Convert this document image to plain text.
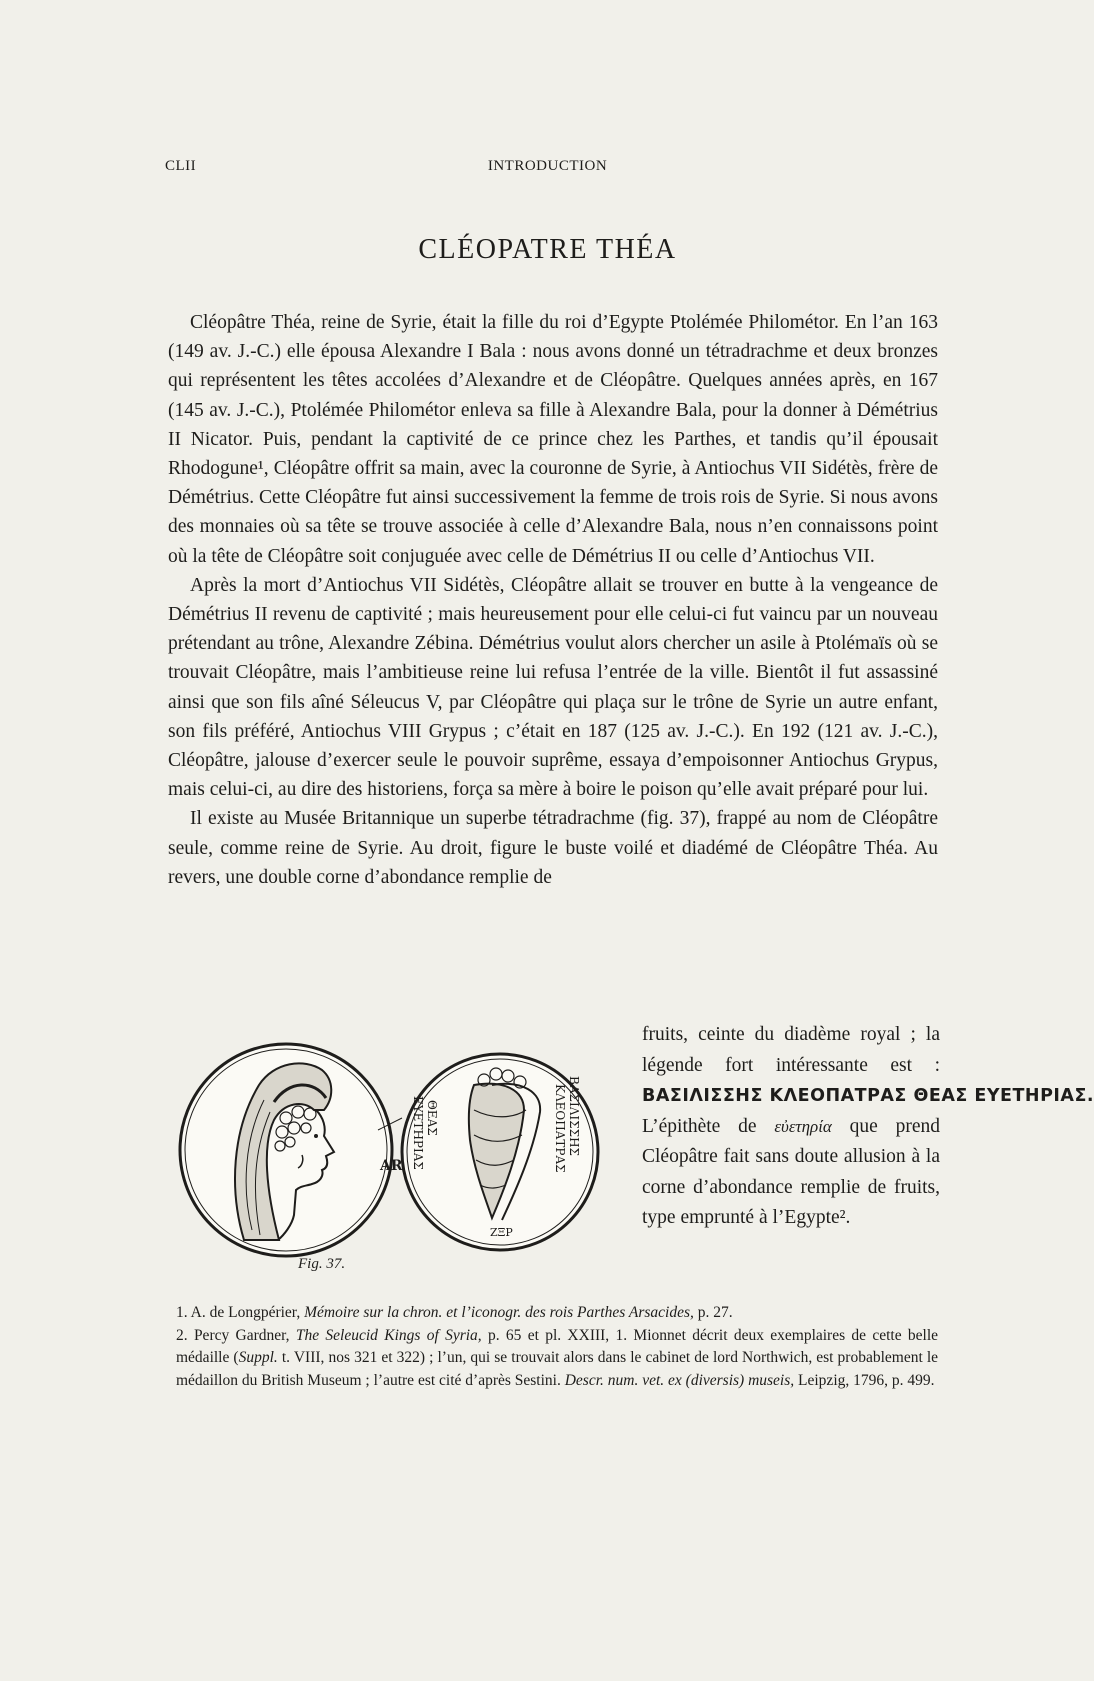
CLII	INTRODUCTION
CLÉOPATRE THÉA

Cléopâtre Théa, reine de Syrie, était la fille du roi d’Egypte Ptolémée Philométor. En l’an 163 (149 av. J.-C.) elle épousa Alexandre I Bala : nous avons donné un tétradrachme et deux bronzes qui représentent les têtes accolées d’Alexandre et de Cléopâtre. Quelques années après, en 167 (145 av. J.-C.), Ptolémée Philométor enleva sa fille à Alexandre Bala, pour la donner à Démétrius II Nicator. Puis, pendant la captivité de ce prince chez les Parthes, et tandis qu’il épousait Rhodogune¹, Cléopâtre offrit sa main, avec la couronne de Syrie, à Antiochus VII Sidétès, frère de Démétrius. Cette Cléopâtre fut ainsi successivement la femme de trois rois de Syrie. Si nous avons des monnaies où sa tête se trouve associée à celle d’Alexandre Bala, nous n’en connaissons point où la tête de Cléopâtre soit conjuguée avec celle de Démétrius II ou celle d’Antiochus VII.

Après la mort d’Antiochus VII Sidétès, Cléopâtre allait se trouver en butte à la vengeance de Démétrius II revenu de captivité ; mais heureusement pour elle celui-ci fut vaincu par un nouveau prétendant au trône, Alexandre Zébina. Démétrius voulut alors chercher un asile à Ptolémaïs où se trouvait Cléopâtre, mais l’ambitieuse reine lui refusa l’entrée de la ville. Bientôt il fut assassiné ainsi que son fils aîné Séleucus V, par Cléopâtre qui plaça sur le trône de Syrie un autre enfant, son fils préféré, Antiochus VIII Grypus ; c’était en 187 (125 av. J.-C.). En 192 (121 av. J.-C.), Cléopâtre, jalouse d’exercer seule le pouvoir suprême, essaya d’empoisonner Antiochus Grypus, mais celui-ci, au dire des historiens, força sa mère à boire le poison qu’elle avait préparé pour lui.

Il existe au Musée Britannique un superbe tétradrachme (fig. 37), frappé au nom de Cléopâtre seule, comme reine de Syrie. Au droit, figure le buste voilé et diadémé de Cléopâtre Théa. Au revers, une double corne d’abondance remplie de

AR
ΘΕΑΣ
ΕΥΕΤΗΡΙΑΣ	ΒΑΣΙΛΙΣΣΗΣ
ΚΛΕΟΠΑΤΡΑΣ
ΖΞΡ
Fig. 37.
fruits, ceinte du diadème royal ; la légende fort intéressante est : ΒΑΣΙΛΙΣΣΗΣ ΚΛΕΟΠΑΤΡΑΣ ΘΕΑΣ ΕΥΕΤΗΡΙΑΣ. L’épithète de εὐετηρία que prend Cléopâtre fait sans doute allusion à la corne d’abondance remplie de fruits, type emprunté à l’Egypte².

1. A. de Longpérier, Mémoire sur la chron. et l’iconogr. des rois Parthes Arsacides, p. 27.

2. Percy Gardner, The Seleucid Kings of Syria, p. 65 et pl. XXIII, 1. Mionnet décrit deux exemplaires de cette belle médaille (Suppl. t. VIII, nos 321 et 322) ; l’un, qui se trouvait alors dans le cabinet de lord Northwich, est probablement le médaillon du British Museum ; l’autre est cité d’après Sestini. Descr. num. vet. ex (diversis) museis, Leipzig, 1796, p. 499.
